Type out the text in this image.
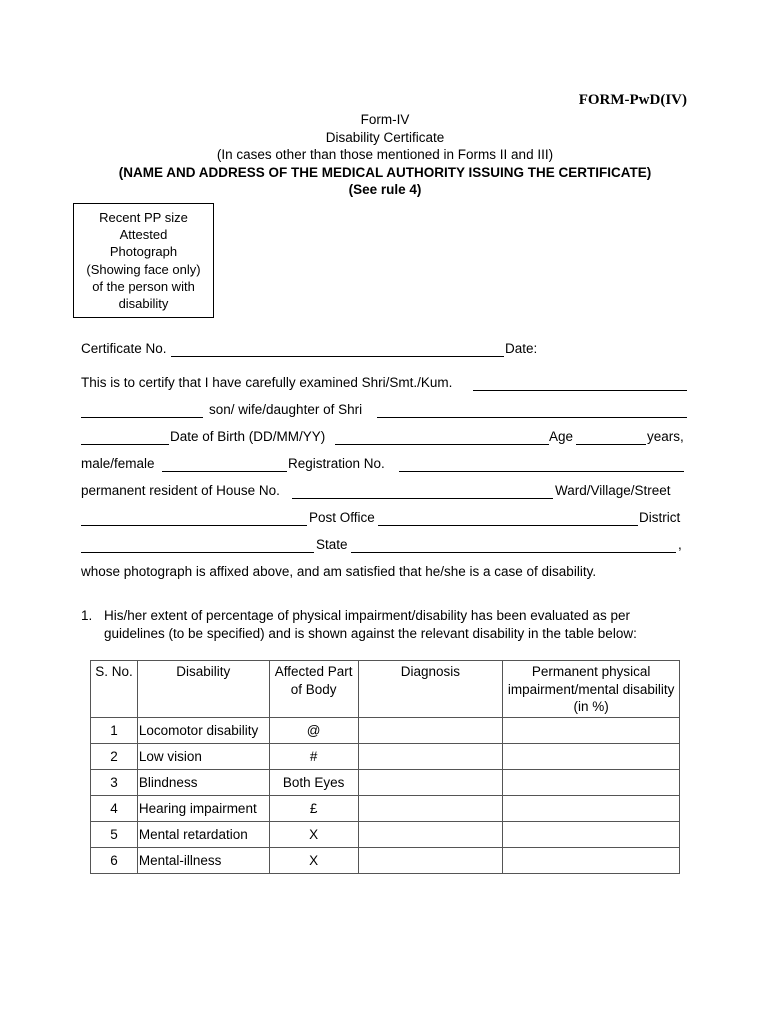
FORM-PwD(IV)
Form-IV
Disability Certificate
(In cases other than those mentioned in Forms II and III)
(NAME AND ADDRESS OF THE MEDICAL AUTHORITY ISSUING THE CERTIFICATE)
(See rule 4)
Recent PP size
Attested
Photograph
(Showing face only)
of the person with
disability
Certificate No.	Date:
This is to certify that I have carefully examined Shri/Smt./Kum.
son/ wife/daughter of Shri
Date of Birth (DD/MM/YY)	Age	years,
male/female	Registration No.
permanent resident of House No.	Ward/Village/Street
Post Office	District
State	,
whose photograph is affixed above, and am satisfied that he/she is a case of disability.
1. His/her extent of percentage of physical impairment/disability has been evaluated as per guidelines (to be specified) and is shown against the relevant disability in the table below:
S. No.	Disability	Affected Part of Body	Diagnosis	Permanent physical impairment/mental disability (in %)
1	Locomotor disability	@		
2	Low vision	#		
3	Blindness	Both Eyes		
4	Hearing impairment	£		
5	Mental retardation	X		
6	Mental-illness	X		
